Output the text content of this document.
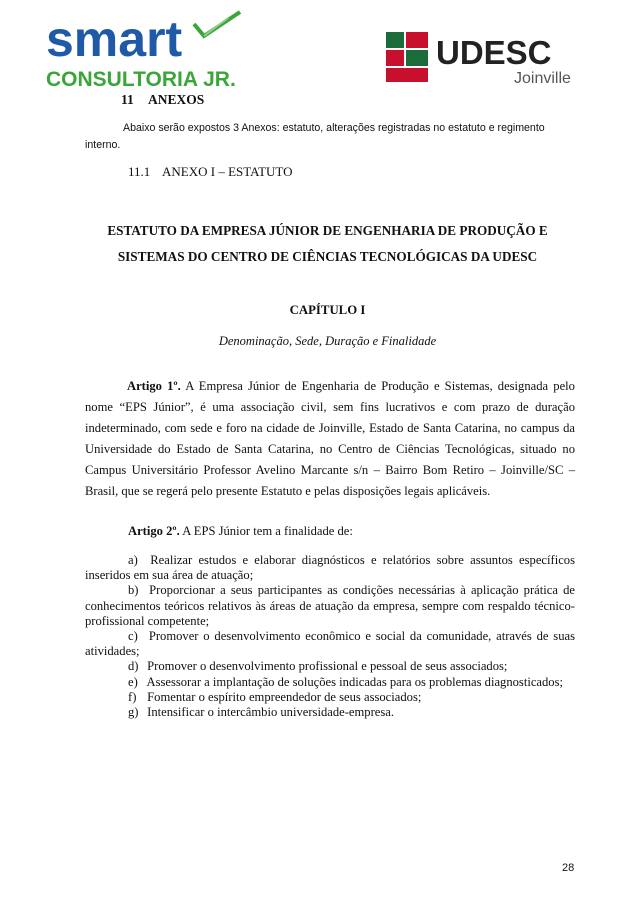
smart
CONSULTORIA JR.
UDESC
Joinville
11 ANEXOS

Abaixo serão expostos 3 Anexos: estatuto, alterações registradas no estatuto e regimento interno.

11.1 ANEXO I – ESTATUTO
ESTATUTO DA EMPRESA JÚNIOR DE ENGENHARIA DE PRODUÇÃO E
SISTEMAS DO CENTRO DE CIÊNCIAS TECNOLÓGICAS DA UDESC
CAPÍTULO I
Denominação, Sede, Duração e Finalidade

Artigo 1º. A Empresa Júnior de Engenharia de Produção e Sistemas, designada pelo nome “EPS Júnior”, é uma associação civil, sem fins lucrativos e com prazo de duração indeterminado, com sede e foro na cidade de Joinville, Estado de Santa Catarina, no campus da Universidade do Estado de Santa Catarina, no Centro de Ciências Tecnológicas, situado no Campus Universitário Professor Avelino Marcante s/n – Bairro Bom Retiro – Joinville/SC – Brasil, que se regerá pelo presente Estatuto e pelas disposições legais aplicáveis.

Artigo 2º. A EPS Júnior tem a finalidade de:

a) Realizar estudos e elaborar diagnósticos e relatórios sobre assuntos específicos inseridos em sua área de atuação;

b) Proporcionar a seus participantes as condições necessárias à aplicação prática de conhecimentos teóricos relativos às áreas de atuação da empresa, sempre com respaldo técnico-profissional competente;

c) Promover o desenvolvimento econômico e social da comunidade, através de suas atividades;

d) Promover o desenvolvimento profissional e pessoal de seus associados;

e) Assessorar a implantação de soluções indicadas para os problemas diagnosticados;

f) Fomentar o espírito empreendedor de seus associados;

g) Intensificar o intercâmbio universidade-empresa.

28
